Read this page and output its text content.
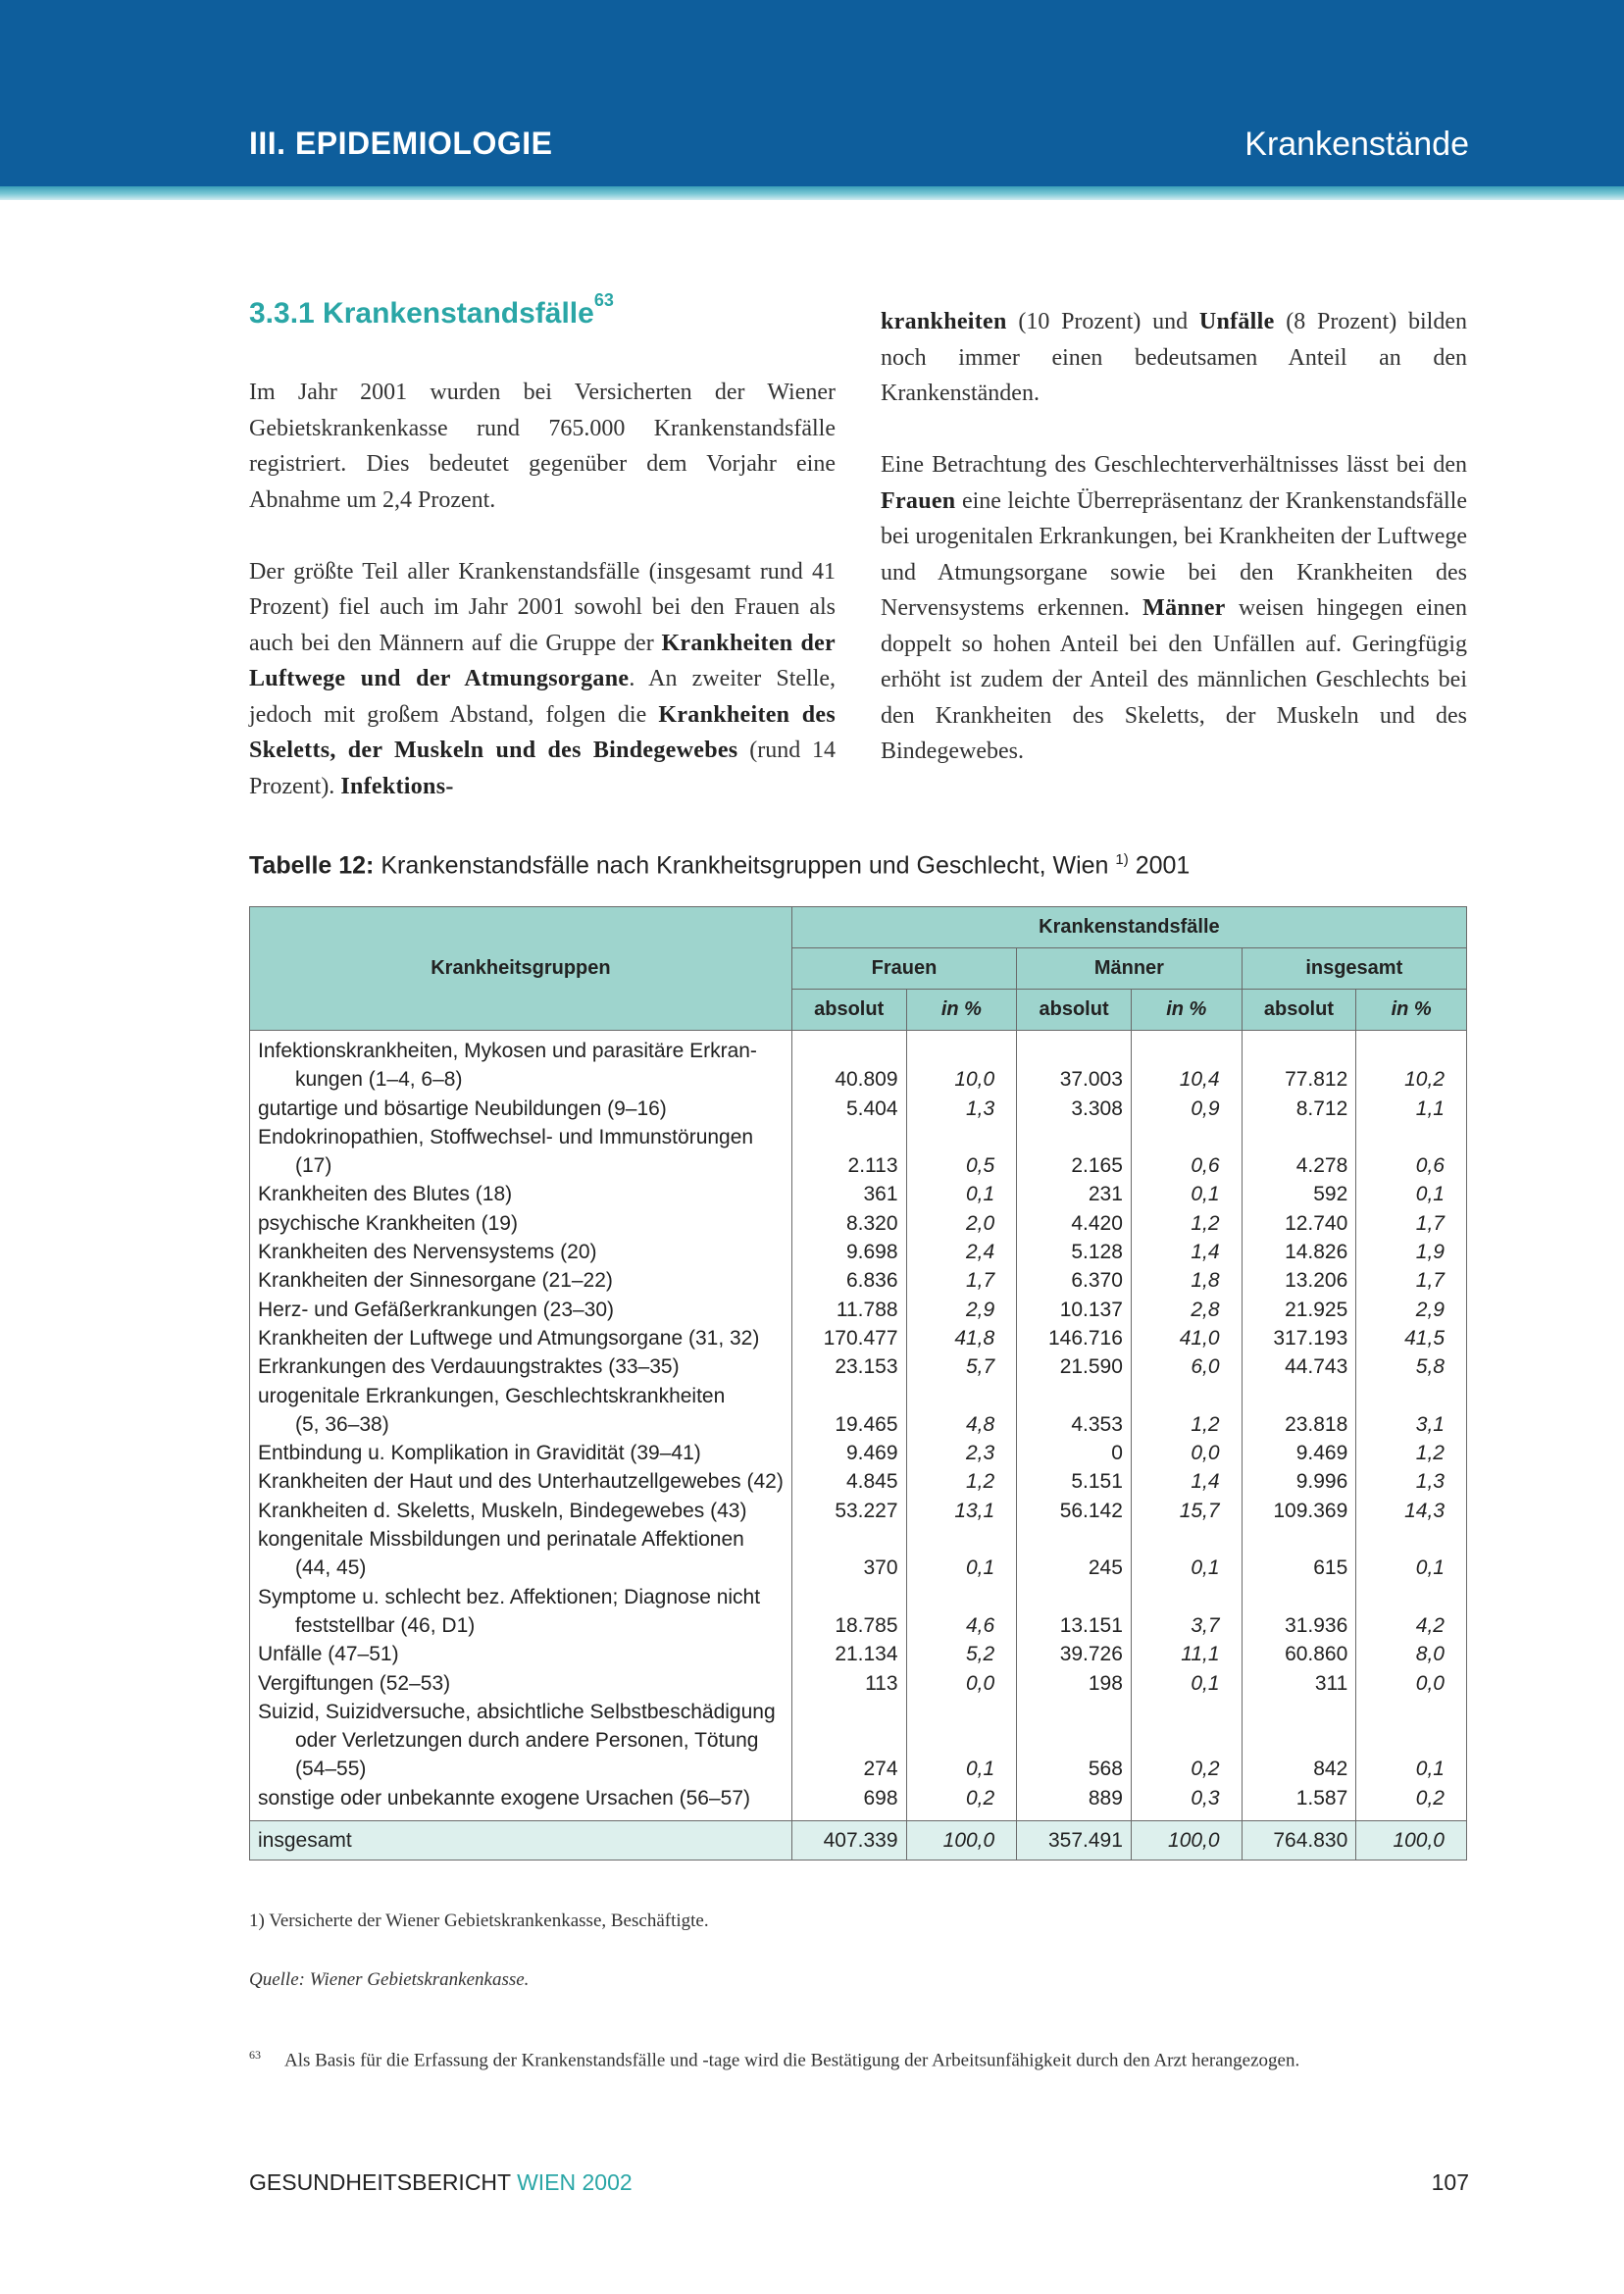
III. EPIDEMIOLOGIE	Krankenstände
3.3.1 Krankenstandsfälle$^{63}$

Im Jahr 2001 wurden bei Versicherten der Wiener Gebietskrankenkasse rund 765.000 Krankenstandsfälle registriert. Dies bedeutet gegenüber dem Vorjahr eine Abnahme um 2,4 Prozent.

Der größte Teil aller Krankenstandsfälle (insgesamt rund 41 Prozent) fiel auch im Jahr 2001 sowohl bei den Frauen als auch bei den Männern auf die Gruppe der Krankheiten der Luftwege und der Atmungsorgane. An zweiter Stelle, jedoch mit großem Abstand, folgen die Krankheiten des Skeletts, der Muskeln und des Bindegewebes (rund 14 Prozent). Infektions-

krankheiten (10 Prozent) und Unfälle (8 Prozent) bilden noch immer einen bedeutsamen Anteil an den Krankenständen.

Eine Betrachtung des Geschlechterverhältnisses lässt bei den Frauen eine leichte Überrepräsentanz der Krankenstandsfälle bei urogenitalen Erkrankungen, bei Krankheiten der Luftwege und Atmungsorgane sowie bei den Krankheiten des Nervensystems erkennen. Männer weisen hingegen einen doppelt so hohen Anteil bei den Unfällen auf. Geringfügig erhöht ist zudem der Anteil des männlichen Geschlechts bei den Krankheiten des Skeletts, der Muskeln und des Bindegewebes.

Tabelle 12: Krankenstandsfälle nach Krankheitsgruppen und Geschlecht, Wien $^{1)}$ 2001
Krankheitsgruppen	Krankenstandsfälle					
	Frauen		Männer		insgesamt	
	absolut	in %	absolut	in %	absolut	in %
Infektionskrankheiten, Mykosen und parasitäre Erkran-						
kungen (1–4, 6–8)	40.809	10,0	37.003	10,4	77.812	10,2
gutartige und bösartige Neubildungen (9–16)	5.404	1,3	3.308	0,9	8.712	1,1
Endokrinopathien, Stoffwechsel- und Immunstörungen						
(17)	2.113	0,5	2.165	0,6	4.278	0,6
Krankheiten des Blutes (18)	361	0,1	231	0,1	592	0,1
psychische Krankheiten (19)	8.320	2,0	4.420	1,2	12.740	1,7
Krankheiten des Nervensystems (20)	9.698	2,4	5.128	1,4	14.826	1,9
Krankheiten der Sinnesorgane (21–22)	6.836	1,7	6.370	1,8	13.206	1,7
Herz- und Gefäßerkrankungen (23–30)	11.788	2,9	10.137	2,8	21.925	2,9
Krankheiten der Luftwege und Atmungsorgane (31, 32)	170.477	41,8	146.716	41,0	317.193	41,5
Erkrankungen des Verdauungstraktes (33–35)	23.153	5,7	21.590	6,0	44.743	5,8
urogenitale Erkrankungen, Geschlechtskrankheiten						
(5, 36–38)	19.465	4,8	4.353	1,2	23.818	3,1
Entbindung u. Komplikation in Gravidität (39–41)	9.469	2,3	0	0,0	9.469	1,2
Krankheiten der Haut und des Unterhautzellgewebes (42)	4.845	1,2	5.151	1,4	9.996	1,3
Krankheiten d. Skeletts, Muskeln, Bindegewebes (43)	53.227	13,1	56.142	15,7	109.369	14,3
kongenitale Missbildungen und perinatale Affektionen						
(44, 45)	370	0,1	245	0,1	615	0,1
Symptome u. schlecht bez. Affektionen; Diagnose nicht						
feststellbar (46, D1)	18.785	4,6	13.151	3,7	31.936	4,2
Unfälle (47–51)	21.134	5,2	39.726	11,1	60.860	8,0
Vergiftungen (52–53)	113	0,0	198	0,1	311	0,0
Suizid, Suizidversuche, absichtliche Selbstbeschädigung						
oder Verletzungen durch andere Personen, Tötung						
(54–55)	274	0,1	568	0,2	842	0,1
sonstige oder unbekannte exogene Ursachen (56–57)	698	0,2	889	0,3	1.587	0,2
insgesamt	407.339	100,0	357.491	100,0	764.830	100,0
1) Versicherte der Wiener Gebietskrankenkasse, Beschäftigte.
Quelle: Wiener Gebietskrankenkasse.
$^{63}$ Als Basis für die Erfassung der Krankenstandsfälle und -tage wird die Bestätigung der Arbeitsunfähigkeit durch den Arzt herangezogen.
GESUNDHEITSBERICHT WIEN 2002	107
